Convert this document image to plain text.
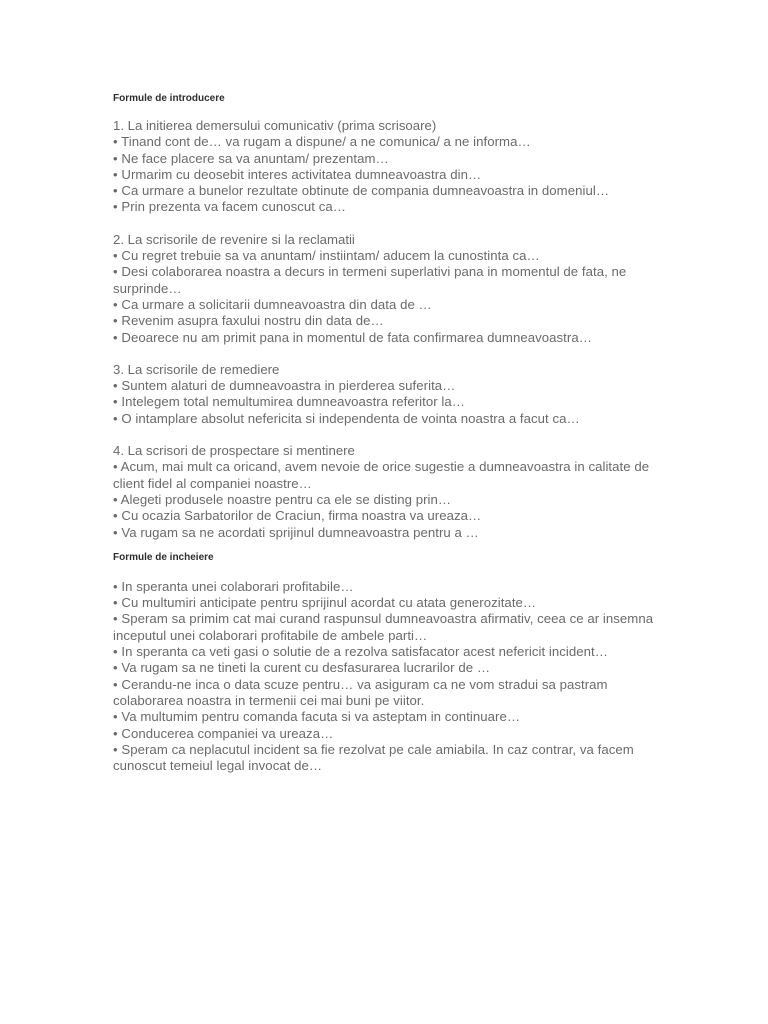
Formule de introducere

1. La initierea demersului comunicativ (prima scrisoare)

• Tinand cont de… va rugam a dispune/ a ne comunica/ a ne informa…

• Ne face placere sa va anuntam/ prezentam…

• Urmarim cu deosebit interes activitatea dumneavoastra din…

• Ca urmare a bunelor rezultate obtinute de compania dumneavoastra in domeniul…

• Prin prezenta va facem cunoscut ca…

2. La scrisorile de revenire si la reclamatii

• Cu regret trebuie sa va anuntam/ instiintam/ aducem la cunostinta ca…

• Desi colaborarea noastra a decurs in termeni superlativi pana in momentul de fata, ne surprinde…

• Ca urmare a solicitarii dumneavoastra din data de …

• Revenim asupra faxului nostru din data de…

• Deoarece nu am primit pana in momentul de fata confirmarea dumneavoastra…

3. La scrisorile de remediere

• Suntem alaturi de dumneavoastra in pierderea suferita…

• Intelegem total nemultumirea dumneavoastra referitor la…

• O intamplare absolut nefericita si independenta de vointa noastra a facut ca…

4. La scrisori de prospectare si mentinere

• Acum, mai mult ca oricand, avem nevoie de orice sugestie a dumneavoastra in calitate de client fidel al companiei noastre…

• Alegeti produsele noastre pentru ca ele se disting prin…

• Cu ocazia Sarbatorilor de Craciun, firma noastra va ureaza…

• Va rugam sa ne acordati sprijinul dumneavoastra pentru a …

Formule de incheiere

• In speranta unei colaborari profitabile…

• Cu multumiri anticipate pentru sprijinul acordat cu atata generozitate…

• Speram sa primim cat mai curand raspunsul dumneavoastra afirmativ, ceea ce ar insemna inceputul unei colaborari profitabile de ambele parti…

• In speranta ca veti gasi o solutie de a rezolva satisfacator acest nefericit incident…

• Va rugam sa ne tineti la curent cu desfasurarea lucrarilor de …

• Cerandu-ne inca o data scuze pentru… va asiguram ca ne vom stradui sa pastram colaborarea noastra in termenii cei mai buni pe viitor.

• Va multumim pentru comanda facuta si va asteptam in continuare…

• Conducerea companiei va ureaza…

• Speram ca neplacutul incident sa fie rezolvat pe cale amiabila. In caz contrar, va facem cunoscut temeiul legal invocat de…
